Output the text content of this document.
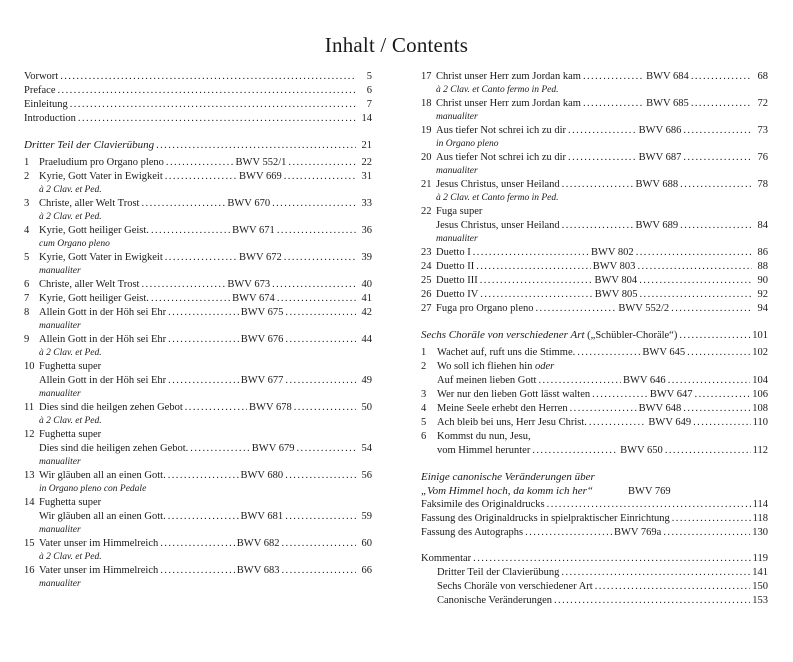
Inhalt / Contents
Vorwort . . .	5
Preface . . .	6
Einleitung . . .	7
Introduction . . .	14
Dritter Teil der Clavierübung . . .	21
1 Praeludium pro Organo pleno . . .	BWV 552/1 . . .	22
2 Kyrie, Gott Vater in Ewigkeit . . .	BWV 669 . . .	31
à 2 Clav. et Ped.
3 Christe, aller Welt Trost . . .	BWV 670 . . .	33
à 2 Clav. et Ped.
4 Kyrie, Gott heiliger Geist. . . .	BWV 671 . . .	36
cum Organo pleno
5 Kyrie, Gott Vater in Ewigkeit . . .	BWV 672 . . .	39
manualiter
6 Christe, aller Welt Trost . . .	BWV 673 . . .	40
7 Kyrie, Gott heiliger Geist. . . .	BWV 674 . . .	41
8 Allein Gott in der Höh sei Ehr . . .	BWV 675 . . .	42
manualiter
9 Allein Gott in der Höh sei Ehr . . .	BWV 676 . . .	44
à 2 Clav. et Ped.
10 Fughetta super
Allein Gott in der Höh sei Ehr . . .	BWV 677 . . .	49
manualiter
11 Dies sind die heilgen zehen Gebot . . .	BWV 678 . . .	50
à 2 Clav. et Ped.
12 Fughetta super
Dies sind die heiligen zehen Gebot. . . .	BWV 679 . . .	54
manualiter
13 Wir gläuben all an einen Gott. . . .	BWV 680 . . .	56
in Organo pleno con Pedale
14 Fughetta super
Wir gläuben all an einen Gott. . . .	BWV 681 . . .	59
manualiter
15 Vater unser im Himmelreich . . .	BWV 682 . . .	60
à 2 Clav. et Ped.
16 Vater unser im Himmelreich . . .	BWV 683 . . .	66
manualiter
17 Christ unser Herr zum Jordan kam . . .	BWV 684 . . .	68
à 2 Clav. et Canto fermo in Ped.
18 Christ unser Herr zum Jordan kam . . .	BWV 685 . . .	72
manualiter
19 Aus tiefer Not schrei ich zu dir . . .	BWV 686 . . .	73
in Organo pleno
20 Aus tiefer Not schrei ich zu dir . . .	BWV 687 . . .	76
manualiter
21 Jesus Christus, unser Heiland . . .	BWV 688 . . .	78
à 2 Clav. et Canto fermo in Ped.
22 Fuga super
Jesus Christus, unser Heiland . . .	BWV 689 . . .	84
manualiter
23 Duetto I . . .	BWV 802 . . .	86
24 Duetto II . . .	BWV 803 . . .	88
25 Duetto III . . .	BWV 804 . . .	90
26 Duetto IV . . .	BWV 805 . . .	92
27 Fuga pro Organo pleno . . .	BWV 552/2 . . .	94
Sechs Choräle von verschiedener Art („Schübler-Choräle“) . . .	101
1	Wachet auf, ruft uns die Stimme. . . .	BWV 645 . . .	102
2	Wo soll ich fliehen hin oder
Auf meinen lieben Gott . . .	BWV 646 . . .	104
3	Wer nur den lieben Gott lässt walten . . .	BWV 647 . . .	106
4	Meine Seele erhebt den Herren . . .	BWV 648 . . .	108
5	Ach bleib bei uns, Herr Jesu Christ. . . .	BWV 649 . . .	110
6	Kommst du nun, Jesu,
vom Himmel herunter . . .	BWV 650 . . .	112
Einige canonische Veränderungen über
„Vom Himmel hoch, da komm ich her“	BWV 769
Faksimile des Originaldrucks . . .	114
Fassung des Originaldrucks in spielpraktischer Einrichtung . . .	118
Fassung des Autographs . . .	BWV 769a . . .	130
Kommentar . . .	119
Dritter Teil der Clavierübung . . .	141
Sechs Choräle von verschiedener Art . . .	150
Canonische Veränderungen . . .	153
